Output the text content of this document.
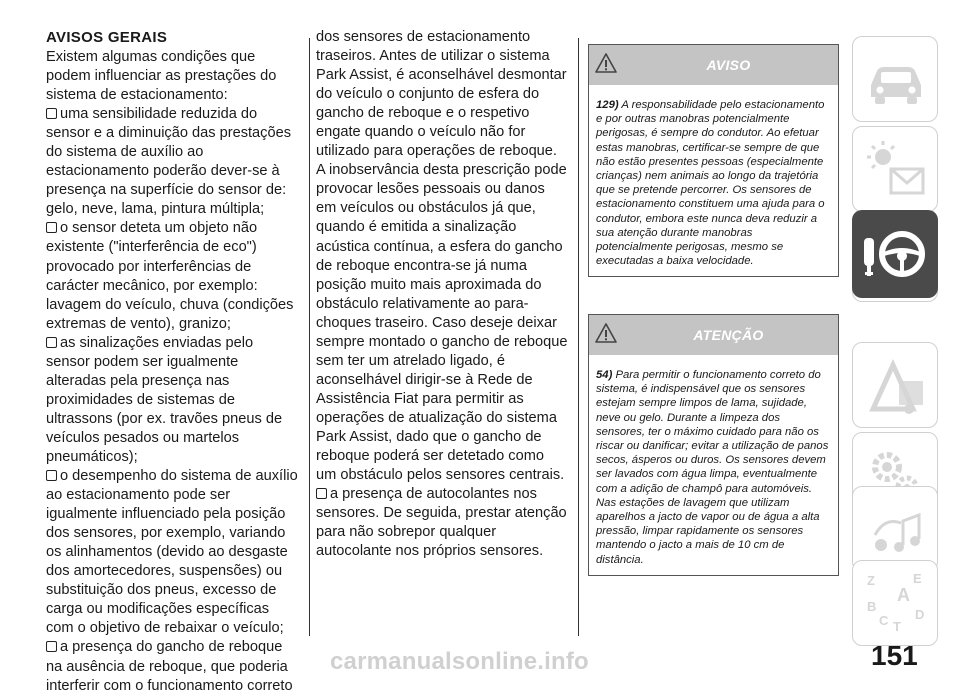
AVISOS GERAIS
Existem algumas condições que podem influenciar as prestações do sistema de estacionamento:
uma sensibilidade reduzida do sensor e a diminuição das prestações do sistema de auxílio ao estacionamento poderão dever-se à presença na superfície do sensor de: gelo, neve, lama, pintura múltipla;
o sensor deteta um objeto não existente ("interferência de eco") provocado por interferências de carácter mecânico, por exemplo: lavagem do veículo, chuva (condições extremas de vento), granizo;
as sinalizações enviadas pelo sensor podem ser igualmente alteradas pela presença nas proximidades de sistemas de ultrassons (por ex. travões pneus de veículos pesados ou martelos pneumáticos);
o desempenho do sistema de auxílio ao estacionamento pode ser igualmente influenciado pela posição dos sensores, por exemplo, variando os alinhamentos (devido ao desgaste dos amortecedores, suspensões) ou substituição dos pneus, excesso de carga ou modificações específicas com o objetivo de rebaixar o veículo;
a presença do gancho de reboque na ausência de reboque, que poderia interferir com o funcionamento correto
dos sensores de estacionamento traseiros. Antes de utilizar o sistema Park Assist, é aconselhável desmontar do veículo o conjunto de esfera do gancho de reboque e o respetivo engate quando o veículo não for utilizado para operações de reboque. A inobservância desta prescrição pode provocar lesões pessoais ou danos em veículos ou obstáculos já que, quando é emitida a sinalização acústica contínua, a esfera do gancho de reboque encontra-se já numa posição muito mais aproximada do obstáculo relativamente ao para-choques traseiro. Caso deseje deixar sempre montado o gancho de reboque sem ter um atrelado ligado, é aconselhável dirigir-se à Rede de Assistência Fiat para permitir as operações de atualização do sistema Park Assist, dado que o gancho de reboque poderá ser detetado como um obstáculo pelos sensores centrais.
a presença de autocolantes nos sensores. De seguida, prestar atenção para não sobrepor qualquer autocolante nos próprios sensores.
AVISO
129) A responsabilidade pelo estacionamento e por outras manobras potencialmente perigosas, é sempre do condutor. Ao efetuar estas manobras, certificar-se sempre de que não estão presentes pessoas (especialmente crianças) nem animais ao longo da trajetória que se pretende percorrer. Os sensores de estacionamento constituem uma ajuda para o condutor, embora este nunca deva reduzir a sua atenção durante manobras potencialmente perigosas, mesmo se executadas a baixa velocidade.
ATENÇÃO
54) Para permitir o funcionamento correto do sistema, é indispensável que os sensores estejam sempre limpos de lama, sujidade, neve ou gelo. Durante a limpeza dos sensores, ter o máximo cuidado para não os riscar ou danificar; evitar a utilização de panos secos, ásperos ou duros. Os sensores devem ser lavados com água limpa, eventualmente com a adição de champô para automóveis. Nas estações de lavagem que utilizam aparelhos a jacto de vapor ou de água a alta pressão, limpar rapidamente os sensores mantendo o jacto a mais de 10 cm de distância.
Z	E
A
B
C T
D
151
carmanualsonline.info
